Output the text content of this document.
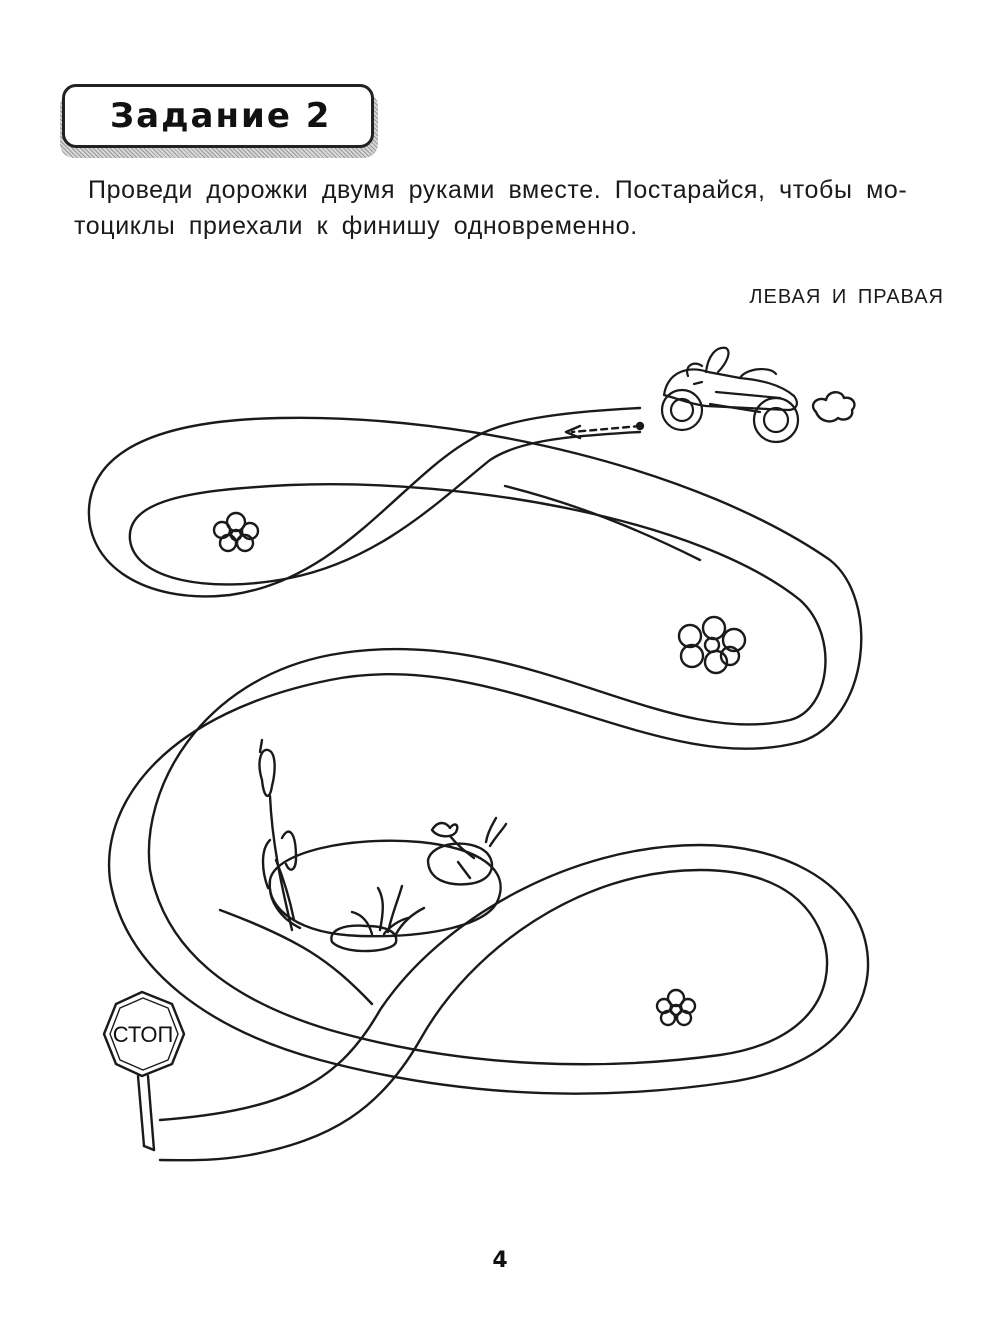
Задание 2

Проведи дорожки двумя руками вместе. Постарайся, чтобы мо-
тоциклы приехали к финишу одновременно.

ЛЕВАЯ И ПРАВАЯ
СТОП
4
